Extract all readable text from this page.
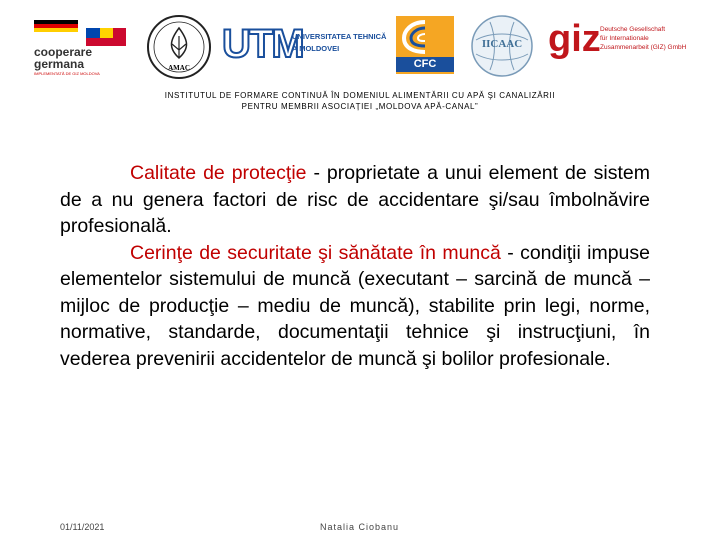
cooperare
germana
IMPLEMENTATĂ DE GIZ MOLDOVA
AMAC
UTM
UNIVERSITATEA TEHNICĂ
A MOLDOVEI
CFC
IICAAC giz Deutsche Gesellschaft
für Internationale
Zusammenarbeit (GIZ) GmbH
INSTITUTUL DE FORMARE CONTINUĂ ÎN DOMENIUL ALIMENTĂRII CU APĂ ŞI CANALIZĂRII
PENTRU MEMBRII ASOCIAȚIEI „MOLDOVA APĂ-CANAL”

Calitate de protecţie - proprietate a unui element de sistem de a nu genera factori de risc de accidentare şi/sau îmbolnăvire profesională.

Cerinţe de securitate şi sănătate în muncă - condiţii impuse elementelor sistemului de muncă (executant – sarcină de muncă – mijloc de producţie – mediu de muncă), stabilite prin legi, norme, normative, standarde, documentaţii tehnice şi instrucţiuni, în vederea prevenirii accidentelor de muncă şi bolilor profesionale.

01/11/2021	Natalia Ciobanu
